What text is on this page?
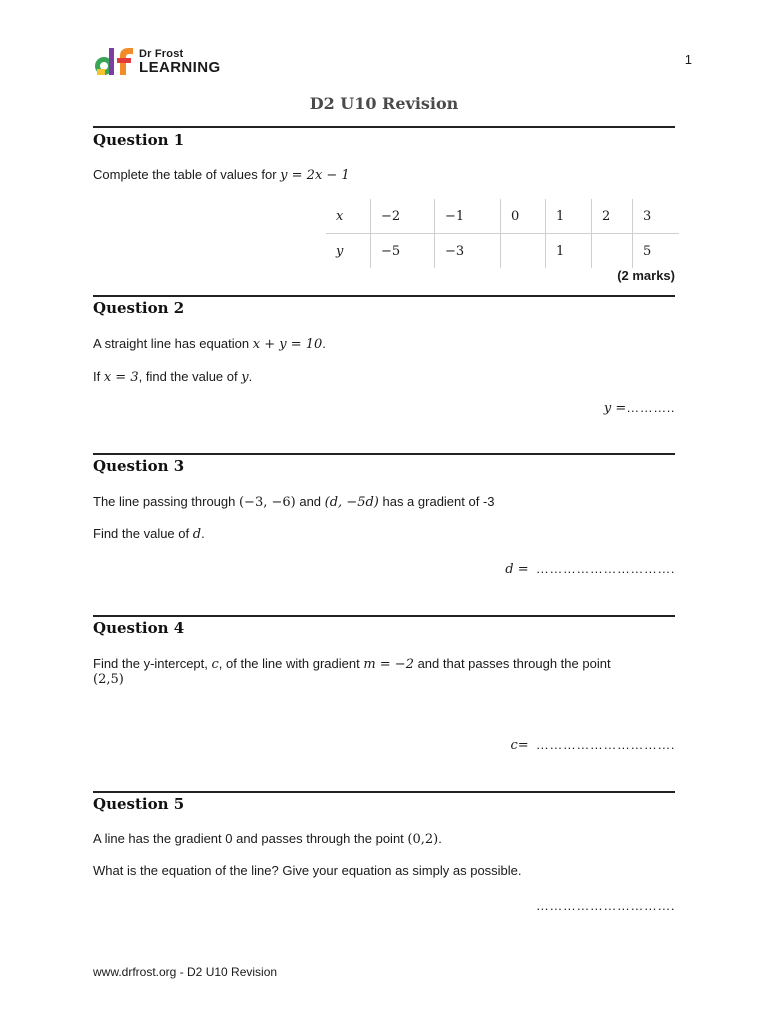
Dr Frost
LEARNING	1
D2 U10 Revision
Question 1
Complete the table of values for y = 2x − 1
x	−2	−1	0	1	2	3
y	−5	−3		1		5
(2 marks)
Question 2
A straight line has equation x + y = 10.
If x = 3, find the value of y.
y =………..
Question 3
The line passing through (−3, −6) and (d, −5d) has a gradient of -3
Find the value of d.
d = ………………………….
Question 4
Find the y-intercept, c, of the line with gradient m = −2 and that passes through the point
(2,5)
c= ………………………….
Question 5
A line has the gradient 0 and passes through the point (0,2).
What is the equation of the line? Give your equation as simply as possible.
………………………….
www.drfrost.org - D2 U10 Revision
